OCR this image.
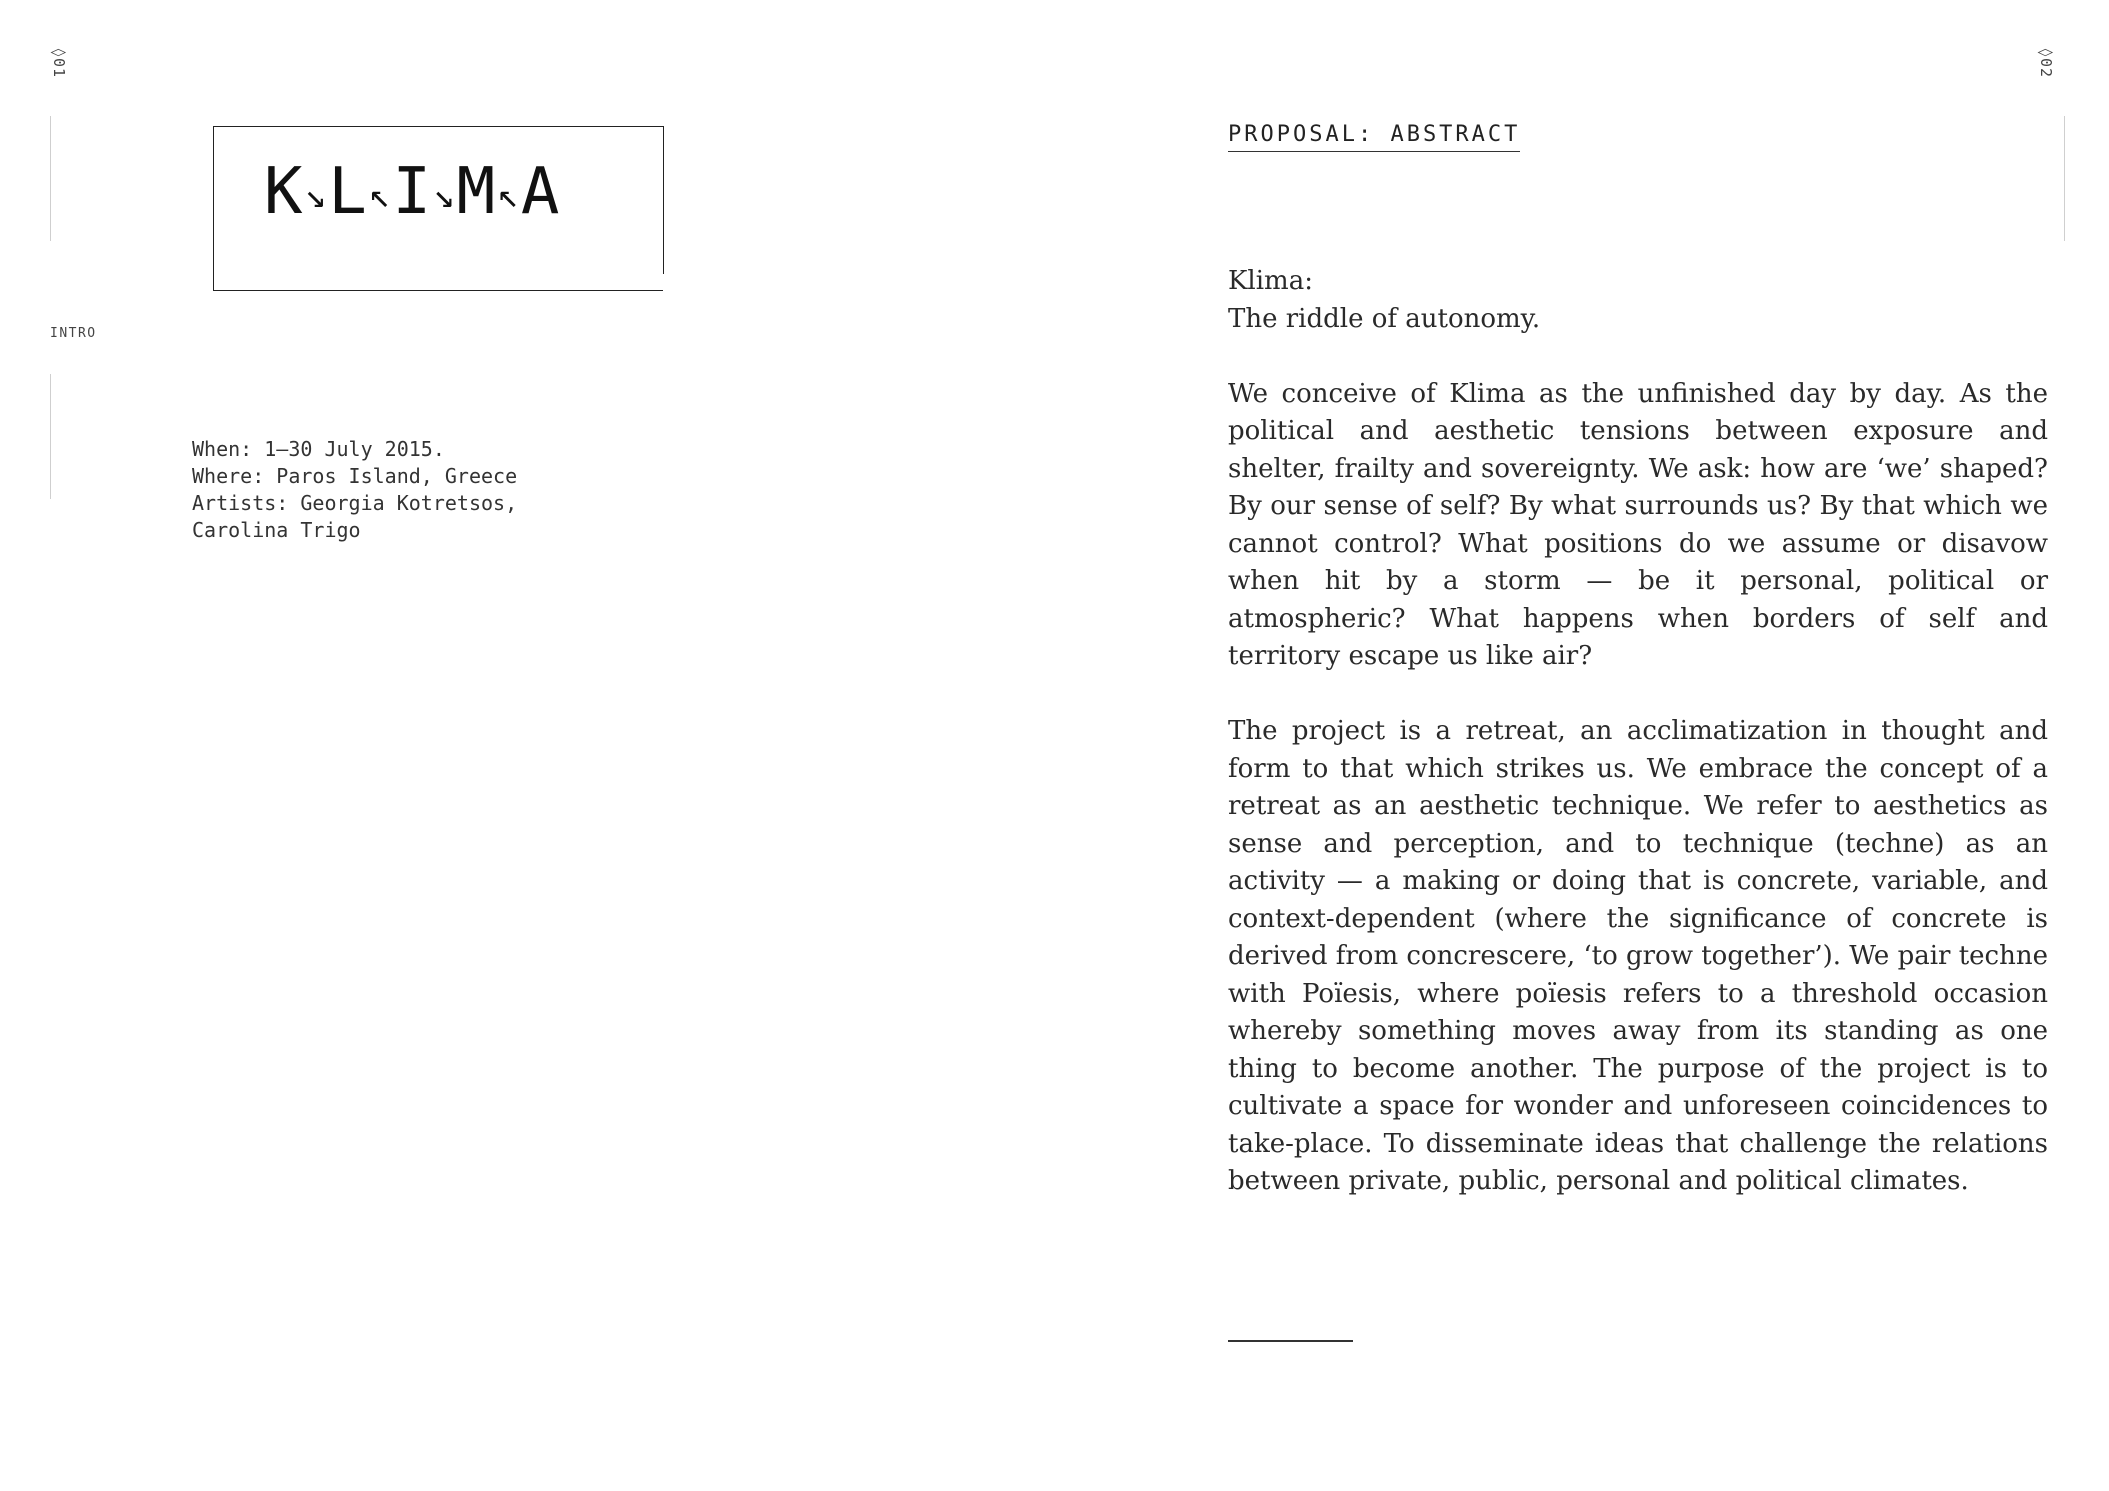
◊01
INTRO
K ↘ L ↖ I ↘ M ↖ A
When: 1–30 July 2015.
Where: Paros Island, Greece
Artists: Georgia Kotretsos,
Carolina Trigo
◊02
PROPOSAL: ABSTRACT
Klima:
The riddle of autonomy.

We conceive of Klima as the unfinished day by day. As the political and aesthetic tensions between exposure and shelter, frailty and sovereignty. We ask: how are ‘we’ shaped? By our sense of self? By what surrounds us? By that which we cannot control? What positions do we assume or disavow when hit by a storm — be it personal, political or atmospheric? What happens when borders of self and territory escape us like air?

The project is a retreat, an acclimatization in thought and form to that which strikes us. We embrace the concept of a retreat as an aesthetic technique. We refer to aesthetics as sense and perception, and to technique (techne) as an activity — a making or doing that is concrete, variable, and context-dependent (where the significance of concrete is derived from concrescere, ‘to grow together’). We pair techne with Poïesis, where poïesis refers to a threshold occasion whereby something moves away from its standing as one thing to become another. The purpose of the project is to cultivate a space for wonder and unforeseen coincidences to take-place. To disseminate ideas that challenge the relations between private, public, personal and political climates.
